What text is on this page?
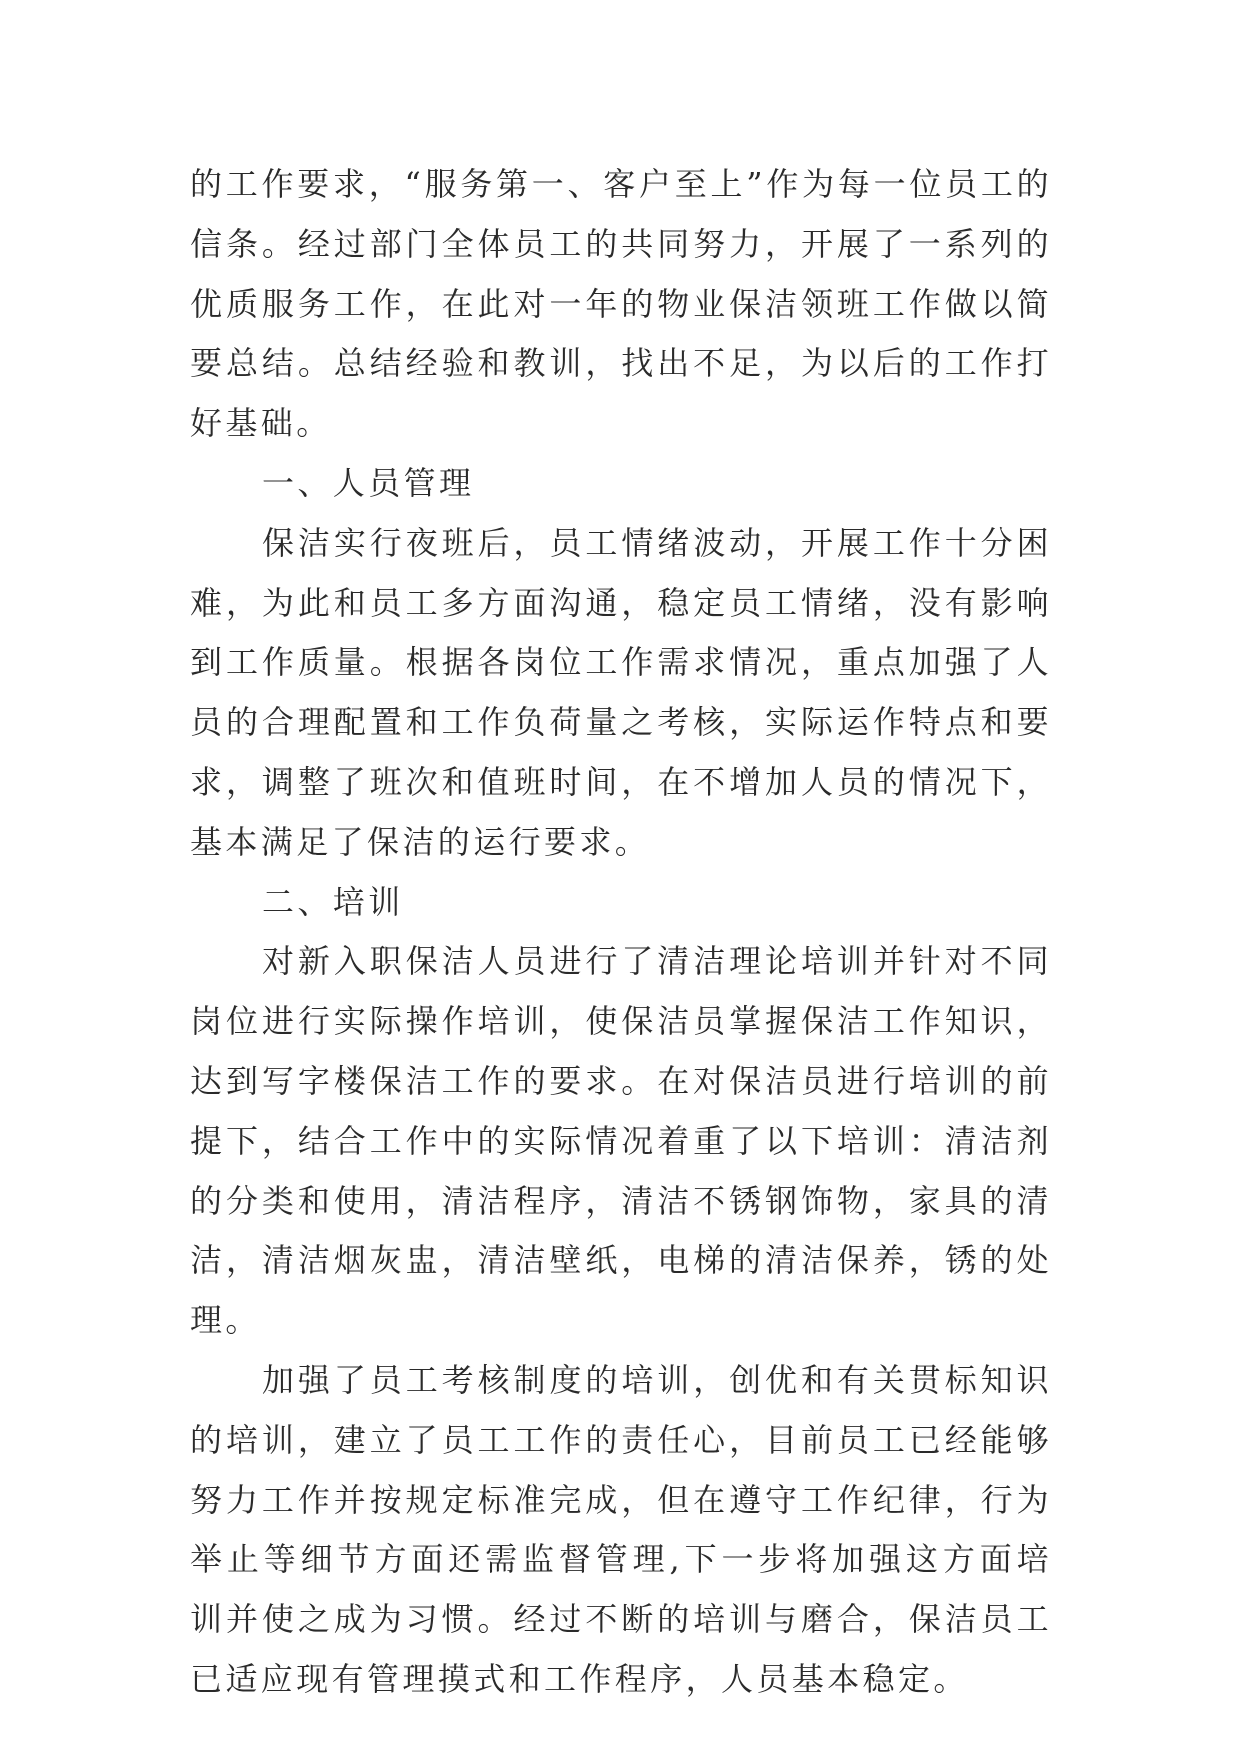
的工作要求，“服务第一、客户至上”作为每一位员工的信条。经过部门全体员工的共同努力，开展了一系列的优质服务工作，在此对一年的物业保洁领班工作做以简要总结。总结经验和教训，找出不足，为以后的工作打好基础。

一、人员管理

保洁实行夜班后，员工情绪波动，开展工作十分困难，为此和员工多方面沟通，稳定员工情绪，没有影响到工作质量。根据各岗位工作需求情况，重点加强了人员的合理配置和工作负荷量之考核，实际运作特点和要求，调整了班次和值班时间，在不增加人员的情况下，基本满足了保洁的运行要求。

二、培训

对新入职保洁人员进行了清洁理论培训并针对不同岗位进行实际操作培训，使保洁员掌握保洁工作知识，达到写字楼保洁工作的要求。在对保洁员进行培训的前提下，结合工作中的实际情况着重了以下培训：清洁剂的分类和使用，清洁程序，清洁不锈钢饰物，家具的清洁，清洁烟灰盅，清洁壁纸，电梯的清洁保养，锈的处理。

加强了员工考核制度的培训，创优和有关贯标知识的培训，建立了员工工作的责任心，目前员工已经能够努力工作并按规定标准完成，但在遵守工作纪律，行为举止等细节方面还需监督管理,下一步将加强这方面培训并使之成为习惯。经过不断的培训与磨合，保洁员工已适应现有管理摸式和工作程序，人员基本稳定。
